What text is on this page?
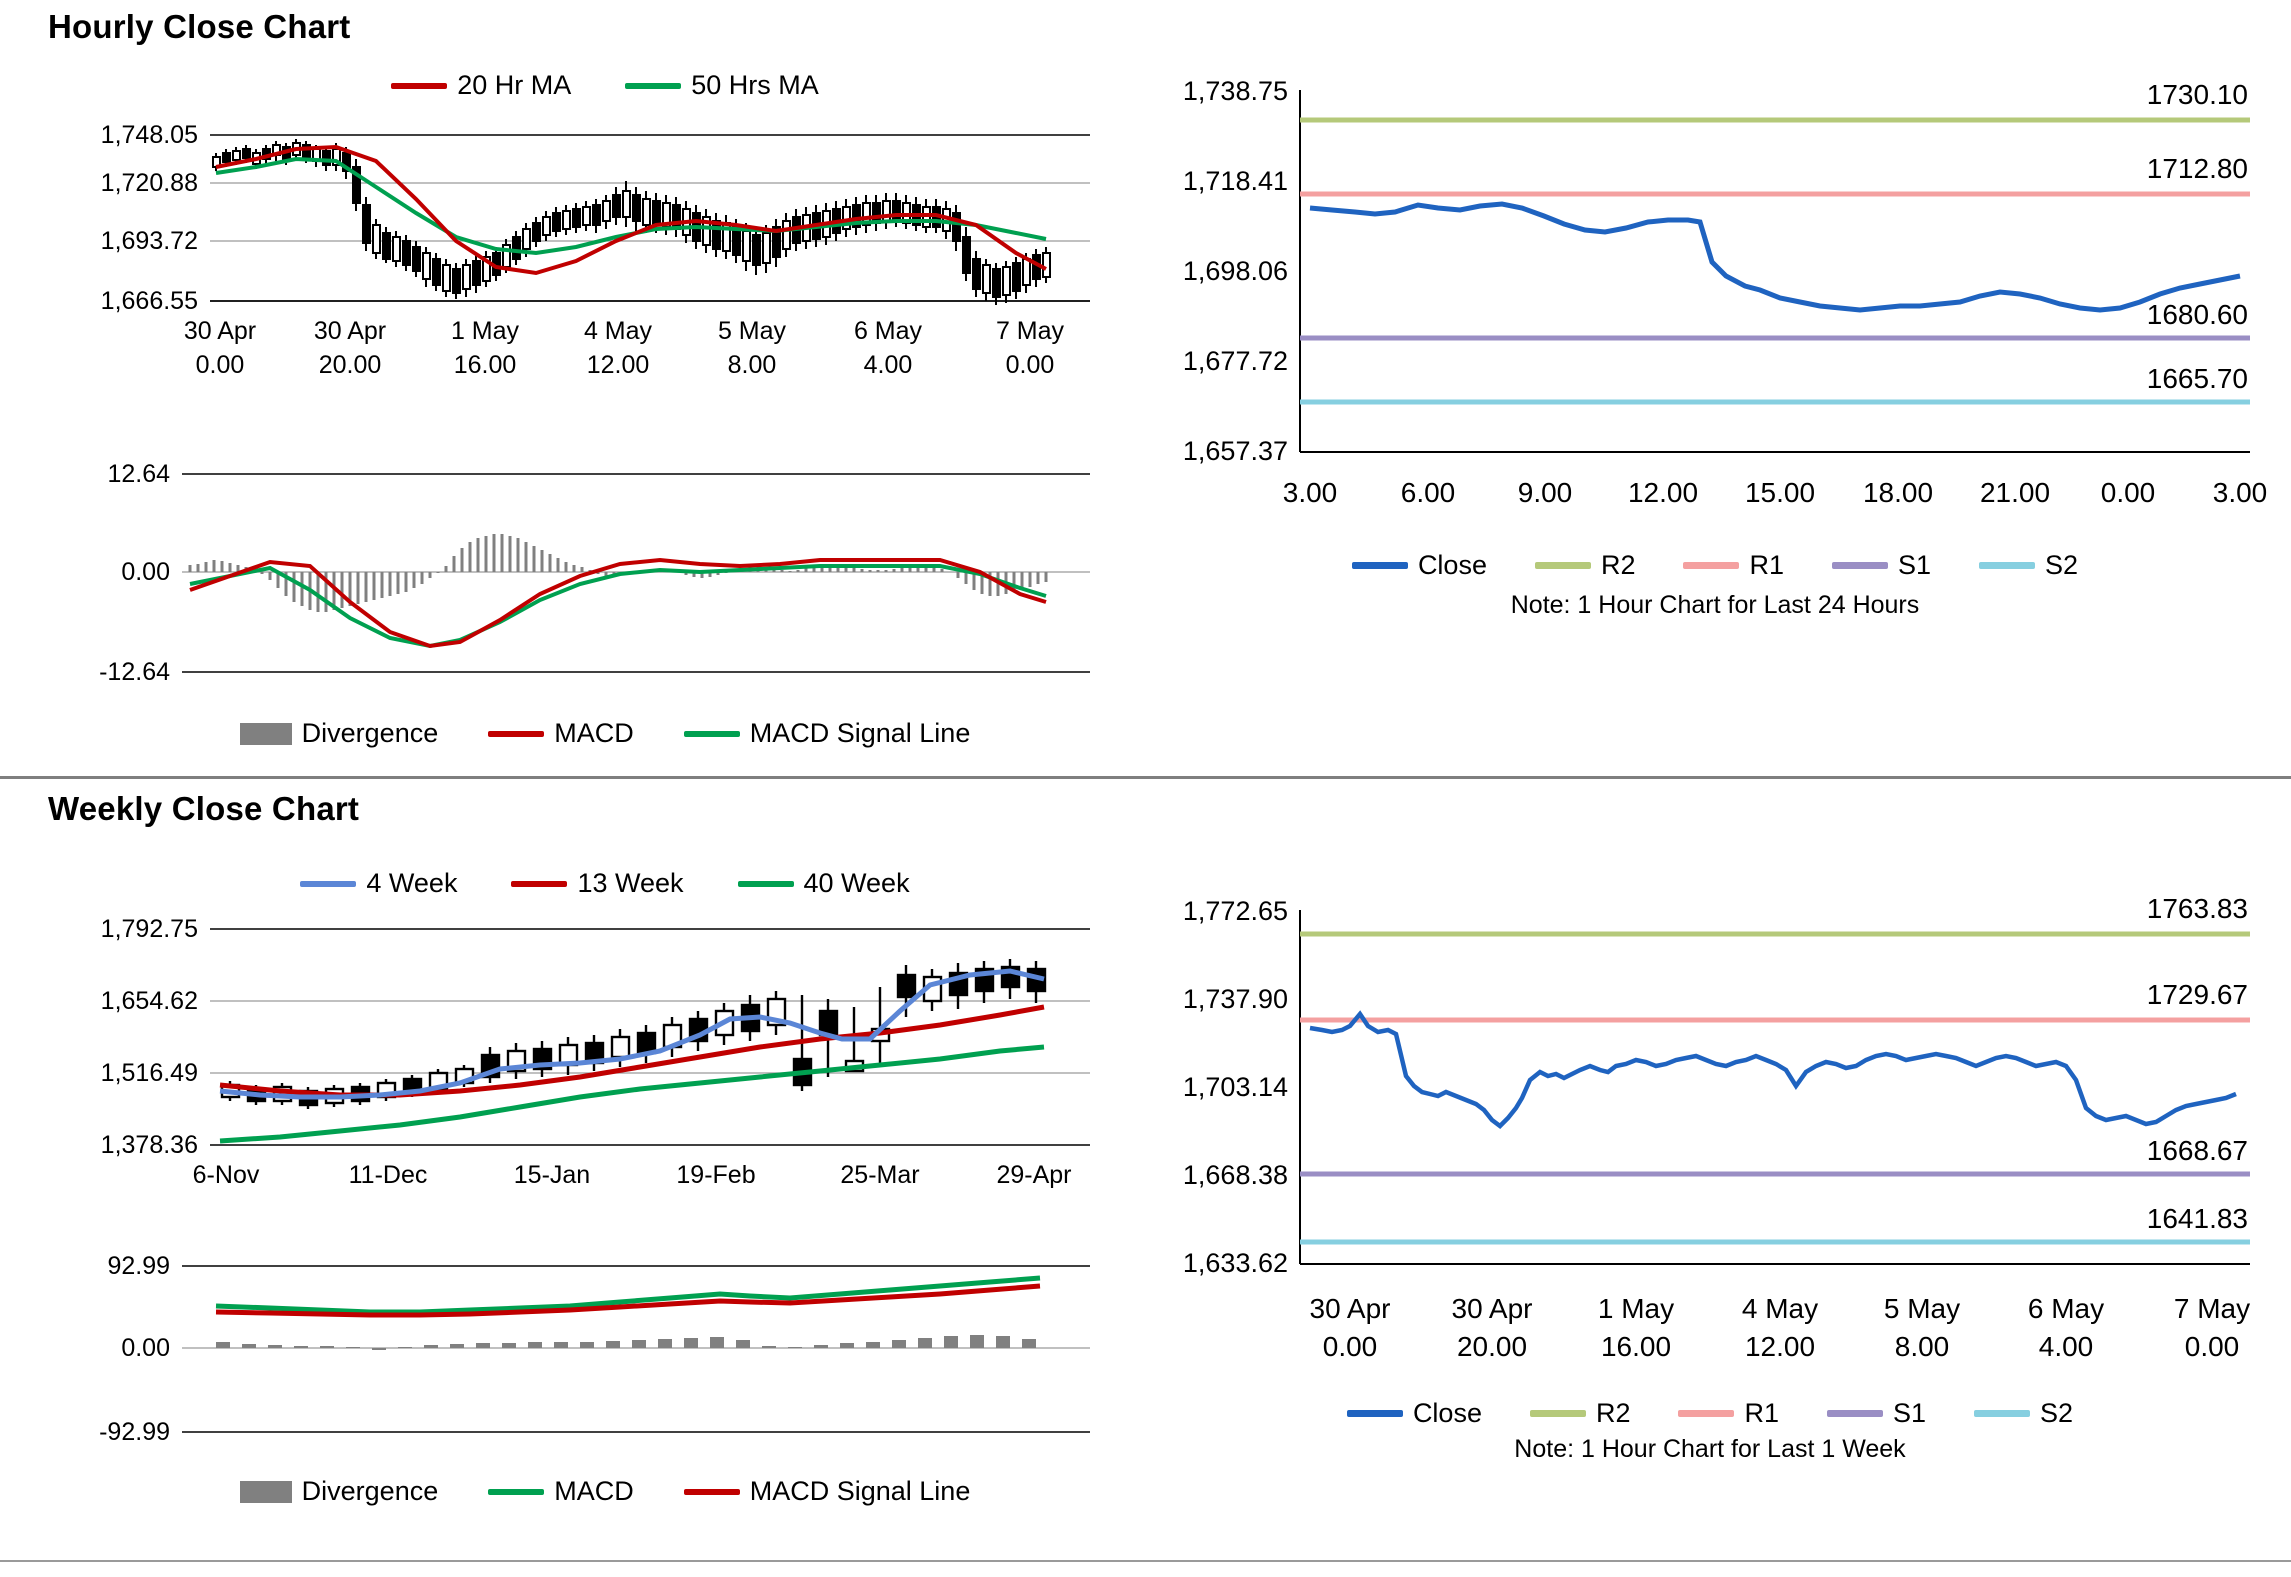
Hourly Close Chart
20 Hr MA	50 Hrs MA
1,748.05
1,720.88
1,693.72
1,666.55
30 Apr
0.00
30 Apr
20.00
1 May
16.00
4 May
12.00
5 May
8.00
6 May
4.00
7 May
0.00
12.64
0.00
-12.64
Divergence	MACD	MACD Signal Line
1,738.75
1,718.41
1,698.06
1,677.72
1,657.37
1730.10
1712.80
1680.60
1665.70
3.00 6.00 9.00 12.00 15.00 18.00 21.00 0.00 3.00
Close	R2	R1	S1	S2
Note: 1 Hour Chart for Last 24 Hours
Weekly Close Chart
4 Week	13 Week	40 Week
1,792.75
1,654.62
1,516.49
1,378.36
6-Nov	11-Dec	15-Jan	19-Feb	25-Mar	29-Apr
92.99
0.00
-92.99
Divergence	MACD	MACD Signal Line
1,772.65
1,737.90
1,703.14
1,668.38
1,633.62
1763.83
1729.67
1668.67
1641.83
30 Apr
0.00
30 Apr
20.00
1 May
16.00
4 May
12.00
5 May
8.00
6 May
4.00
7 May
0.00
Close	R2	R1	S1	S2
Note: 1 Hour Chart for Last 1 Week
